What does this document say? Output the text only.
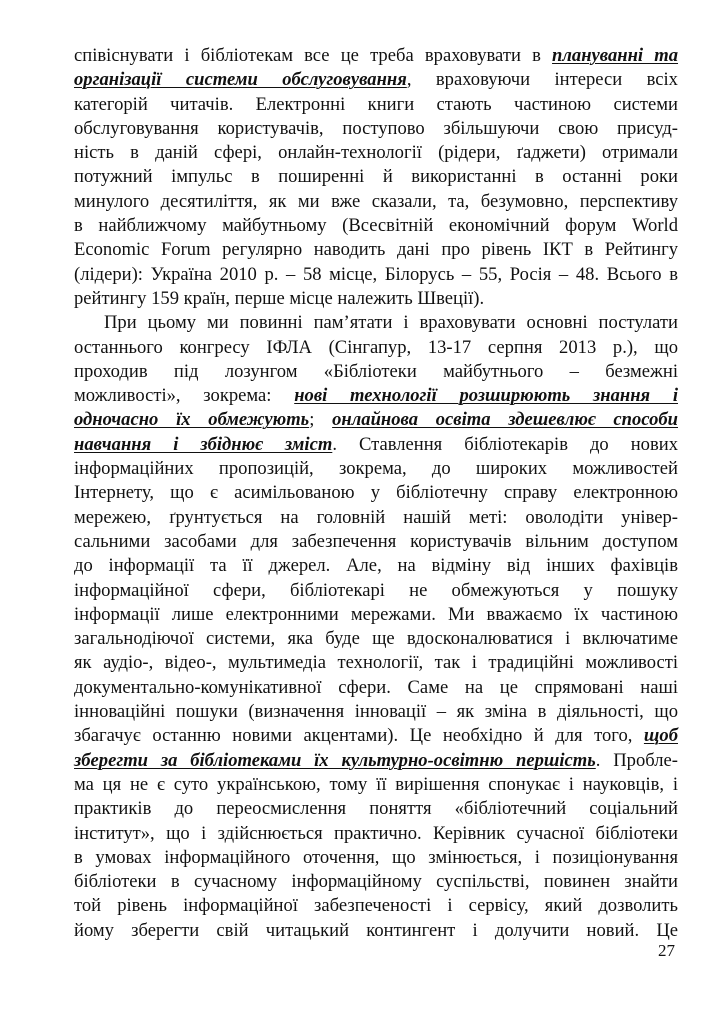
співіснувати і бібліотекам все це треба враховувати в плануванні та
організації системи обслуговування, враховуючи інтереси всіх
категорій читачів. Електронні книги стають частиною системи
обслуговування користувачів, поступово збільшуючи свою присуд-
ність в даній сфері, онлайн-технології (рідери, ґаджети) отримали
потужний імпульс в поширенні й використанні в останні роки
минулого десятиліття, як ми вже сказали, та, безумовно, перспективу
в найближчому майбутньому (Всесвітній економічний форум World
Economic Forum регулярно наводить дані про рівень ІКТ в Рейтингу
(лідери): Україна 2010 р. – 58 місце, Білорусь – 55, Росія – 48. Всього в
рейтингу 159 країн, перше місце належить Швеції).
При цьому ми повинні пам’ятати і враховувати основні постулати
останнього конгресу ІФЛА (Сінгапур, 13-17 серпня 2013 р.), що
проходив під лозунгом «Бібліотеки майбутнього – безмежні
можливості», зокрема: нові технології розширюють знання і
одночасно їх обмежують; онлайнова освіта здешевлює способи
навчання і збіднює зміст. Ставлення бібліотекарів до нових
інформаційних пропозицій, зокрема, до широких можливостей
Інтернету, що є асимільованою у бібліотечну справу електронною
мережею, ґрунтується на головній нашій меті: оволодіти універ-
сальними засобами для забезпечення користувачів вільним доступом
до інформації та її джерел. Але, на відміну від інших фахівців
інформаційної сфери, бібліотекарі не обмежуються у пошуку
інформації лише електронними мережами. Ми вважаємо їх частиною
загальнодіючої системи, яка буде ще вдосконалюватися і включатиме
як аудіо-, відео-, мультимедіа технології, так і традиційні можливості
документально-комунікативної сфери. Саме на це спрямовані наші
інноваційні пошуки (визначення інновації – як зміна в діяльності, що
збагачує останню новими акцентами). Це необхідно й для того, щоб
зберегти за бібліотеками їх культурно-освітню першість. Пробле-
ма ця не є суто українською, тому її вирішення спонукає і науковців, і
практиків до переосмислення поняття «бібліотечний соціальний
інститут», що і здійснюється практично. Керівник сучасної бібліотеки
в умовах інформаційного оточення, що змінюється, і позиціонування
бібліотеки в сучасному інформаційному суспільстві, повинен знайти
той рівень інформаційної забезпеченості і сервісу, який дозволить
йому зберегти свій читацький контингент і долучити новий. Це
27
